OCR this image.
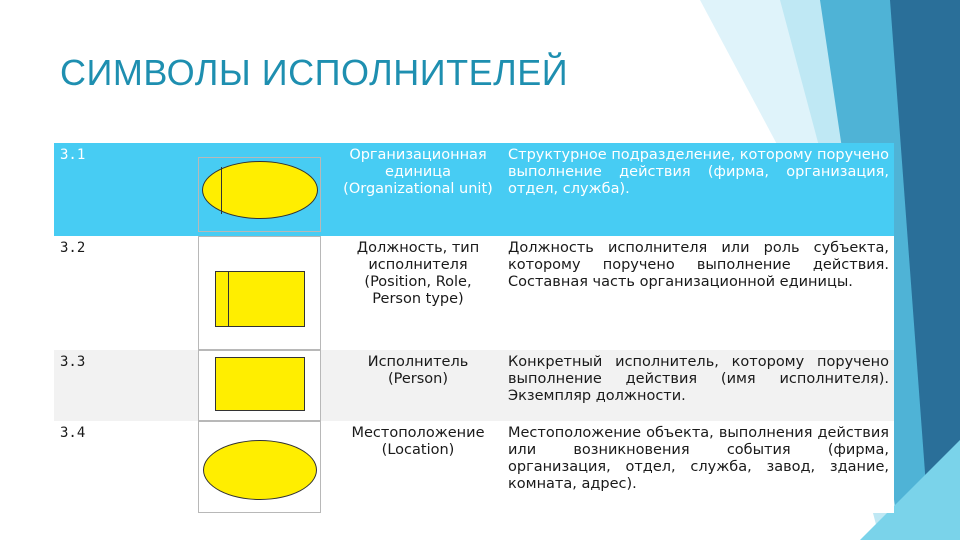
СИМВОЛЫ ИСПОЛНИТЕЛЕЙ
3.1		Организационная единица (Organizational unit)	Структурное подразделение, которому поручено выполнение действия (фирма, организация, отдел, служба).
3.2		Должность, тип исполнителя (Position, Role, Person type)	Должность исполнителя или роль субъекта, которому поручено выполнение действия. Составная часть организационной единицы.
3.3		Исполнитель (Person)	Конкретный исполнитель, которому поручено выполнение действия (имя исполнителя). Экземпляр должности.
3.4		Местоположение (Location)	Местоположение объекта, выполнения действия или возникновения события (фирма, организация, отдел, служба, завод, здание, комната, адрес).
